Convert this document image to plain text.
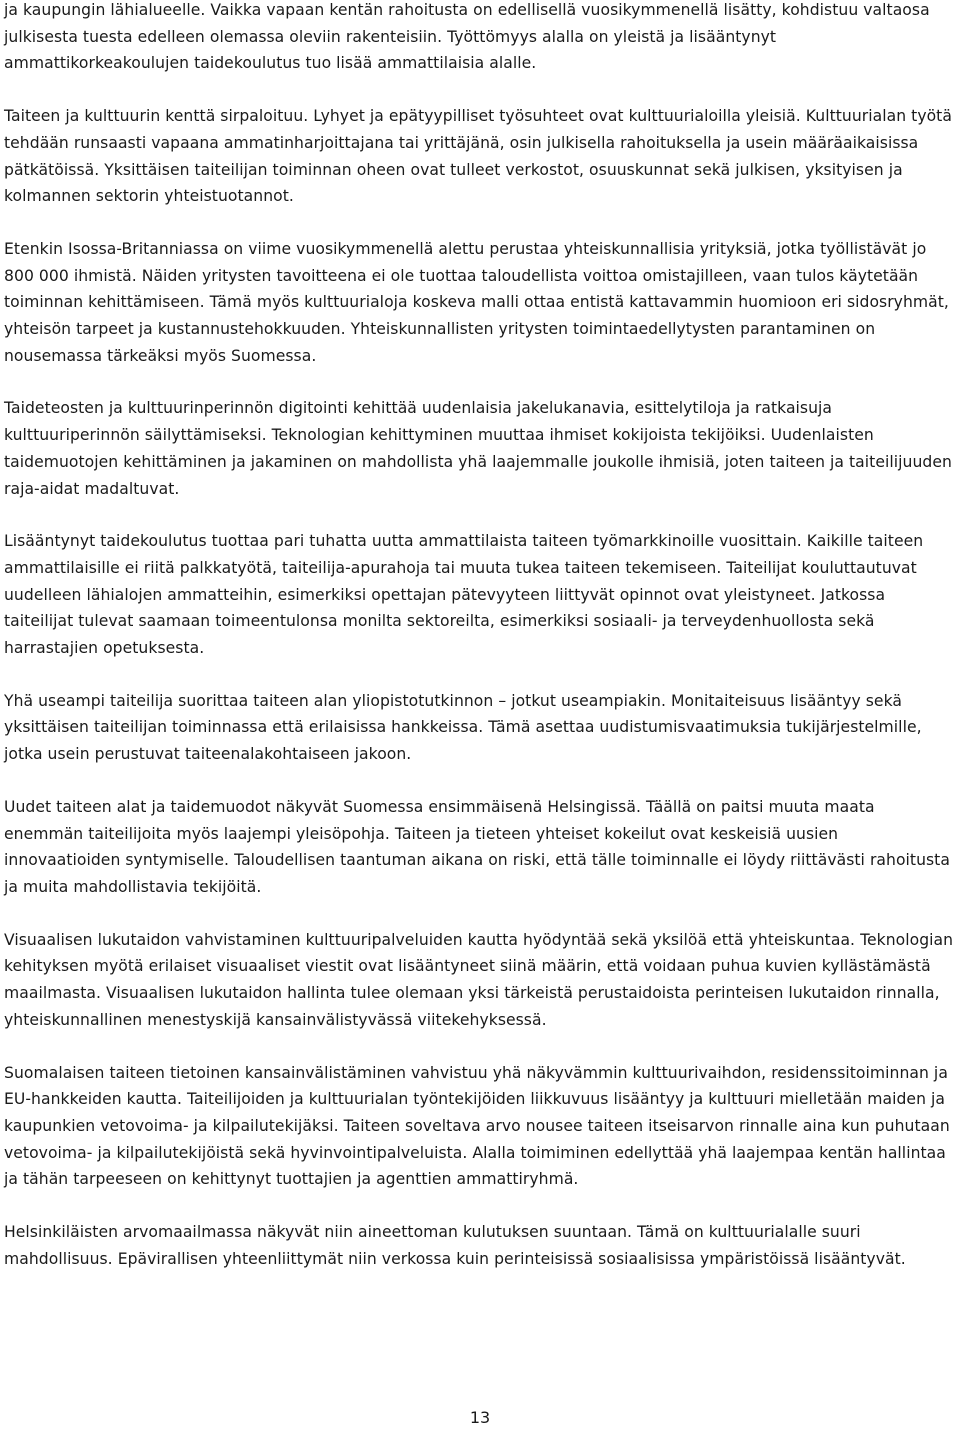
ja kaupungin lähialueelle. Vaikka vapaan kentän rahoitusta on edellisellä vuosikymmenellä lisätty, kohdistuu valtaosa julkisesta tuesta edelleen olemassa oleviin rakenteisiin. Työttömyys alalla on yleistä ja lisääntynyt ammattikorkeakoulujen taidekoulutus tuo lisää ammattilaisia alalle.

Taiteen ja kulttuurin kenttä sirpaloituu. Lyhyet ja epätyypilliset työsuhteet ovat kulttuurialoilla yleisiä. Kulttuurialan työtä tehdään runsaasti vapaana ammatinharjoittajana tai yrittäjänä, osin julkisella rahoituksella ja usein määräaikaisissa pätkätöissä. Yksittäisen taiteilijan toiminnan oheen ovat tulleet verkostot, osuuskunnat sekä julkisen, yksityisen ja kolmannen sektorin yhteistuotannot.

Etenkin Isossa-Britanniassa on viime vuosikymmenellä alettu perustaa yhteiskunnallisia yrityksiä, jotka työllistävät jo 800 000 ihmistä. Näiden yritysten tavoitteena ei ole tuottaa taloudellista voittoa omistajilleen, vaan tulos käytetään toiminnan kehittämiseen. Tämä myös kulttuurialoja koskeva malli ottaa entistä kattavammin huomioon eri sidosryhmät, yhteisön tarpeet ja kustannustehokkuuden. Yhteiskunnallisten yritysten toimintaedellytysten parantaminen on nousemassa tärkeäksi myös Suomessa.

Taideteosten ja kulttuurinperinnön digitointi kehittää uudenlaisia jakelukanavia, esittelytiloja ja ratkaisuja kulttuuriperinnön säilyttämiseksi. Teknologian kehittyminen muuttaa ihmiset kokijoista tekijöiksi. Uudenlaisten taidemuotojen kehittäminen ja jakaminen on mahdollista yhä laajemmalle joukolle ihmisiä, joten taiteen ja taiteilijuuden raja-aidat madaltuvat.

Lisääntynyt taidekoulutus tuottaa pari tuhatta uutta ammattilaista taiteen työmarkkinoille vuosittain. Kaikille taiteen ammattilaisille ei riitä palkkatyötä, taiteilija-apurahoja tai muuta tukea taiteen tekemiseen. Taiteilijat kouluttautuvat uudelleen lähialojen ammatteihin, esimerkiksi opettajan pätevyyteen liittyvät opinnot ovat yleistyneet. Jatkossa taiteilijat tulevat saamaan toimeentulonsa monilta sektoreilta, esimerkiksi sosiaali- ja terveydenhuollosta sekä harrastajien opetuksesta.

Yhä useampi taiteilija suorittaa taiteen alan yliopistotutkinnon – jotkut useampiakin. Monitaiteisuus lisääntyy sekä yksittäisen taiteilijan toiminnassa että erilaisissa hankkeissa. Tämä asettaa uudistumisvaatimuksia tukijärjestelmille, jotka usein perustuvat taiteenalakohtaiseen jakoon.

Uudet taiteen alat ja taidemuodot näkyvät Suomessa ensimmäisenä Helsingissä. Täällä on paitsi muuta maata enemmän taiteilijoita myös laajempi yleisöpohja. Taiteen ja tieteen yhteiset kokeilut ovat keskeisiä uusien innovaatioiden syntymiselle. Taloudellisen taantuman aikana on riski, että tälle toiminnalle ei löydy riittävästi rahoitusta ja muita mahdollistavia tekijöitä.

Visuaalisen lukutaidon vahvistaminen kulttuuripalveluiden kautta hyödyntää sekä yksilöä että yhteiskuntaa. Teknologian kehityksen myötä erilaiset visuaaliset viestit ovat lisääntyneet siinä määrin, että voidaan puhua kuvien kyllästämästä maailmasta. Visuaalisen lukutaidon hallinta tulee olemaan yksi tärkeistä perustaidoista perinteisen lukutaidon rinnalla, yhteiskunnallinen menestyskijä kansainvälistyvässä viitekehyksessä.

Suomalaisen taiteen tietoinen kansainvälistäminen vahvistuu yhä näkyvämmin kulttuurivaihdon, residenssitoiminnan ja EU-hankkeiden kautta. Taiteilijoiden ja kulttuurialan työntekijöiden liikkuvuus lisääntyy ja kulttuuri mielletään maiden ja kaupunkien vetovoima- ja kilpailutekijäksi. Taiteen soveltava arvo nousee taiteen itseisarvon rinnalle aina kun puhutaan vetovoima- ja kilpailutekijöistä sekä hyvinvointipalveluista. Alalla toimiminen edellyttää yhä laajempaa kentän hallintaa ja tähän tarpeeseen on kehittynyt tuottajien ja agenttien ammattiryhmä.

Helsinkiläisten arvomaailmassa näkyvät niin aineettoman kulutuksen suuntaan. Tämä on kulttuurialalle suuri mahdollisuus. Epävirallisen yhteenliittymät niin verkossa kuin perinteisissä sosiaalisissa ympäristöissä lisääntyvät.

13
